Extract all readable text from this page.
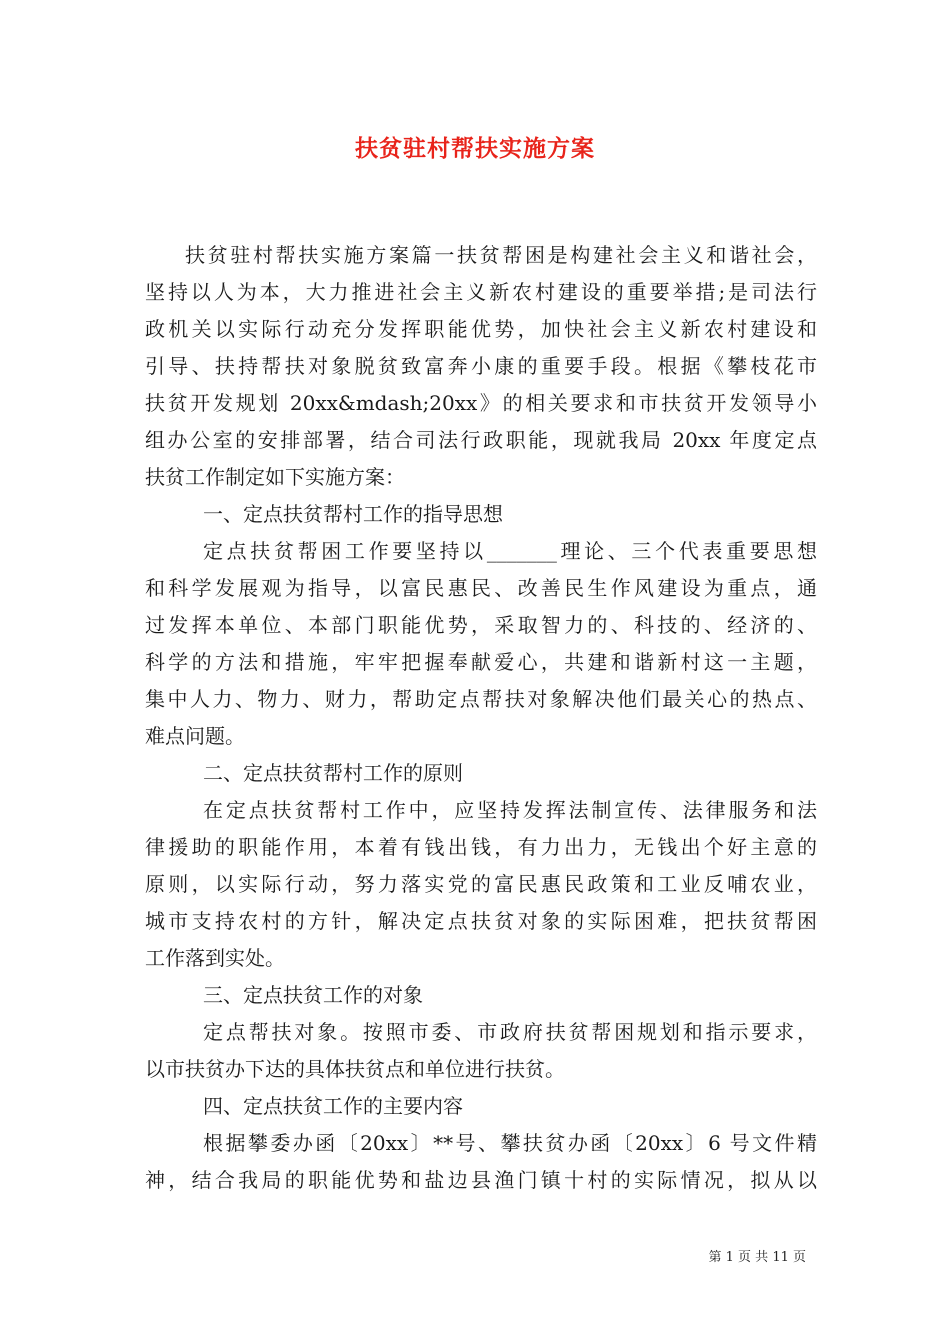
扶贫驻村帮扶实施方案
扶贫驻村帮扶实施方案篇一扶贫帮困是构建社会主义和谐社会，
坚持以人为本，大力推进社会主义新农村建设的重要举措;是司法行
政机关以实际行动充分发挥职能优势，加快社会主义新农村建设和
引导、扶持帮扶对象脱贫致富奔小康的重要手段。根据《攀枝花市
扶贫开发规划 20xx&mdash;20xx》的相关要求和市扶贫开发领导小
组办公室的安排部署，结合司法行政职能，现就我局 20xx 年度定点
扶贫工作制定如下实施方案：
一、定点扶贫帮村工作的指导思想
定点扶贫帮困工作要坚持以_______理论、三个代表重要思想
和科学发展观为指导，以富民惠民、改善民生作风建设为重点，通
过发挥本单位、本部门职能优势，采取智力的、科技的、经济的、
科学的方法和措施，牢牢把握奉献爱心，共建和谐新村这一主题，
集中人力、物力、财力，帮助定点帮扶对象解决他们最关心的热点、
难点问题。
二、定点扶贫帮村工作的原则
在定点扶贫帮村工作中，应坚持发挥法制宣传、法律服务和法
律援助的职能作用，本着有钱出钱，有力出力，无钱出个好主意的
原则，以实际行动，努力落实党的富民惠民政策和工业反哺农业，
城市支持农村的方针，解决定点扶贫对象的实际困难，把扶贫帮困
工作落到实处。
三、定点扶贫工作的对象
定点帮扶对象。按照市委、市政府扶贫帮困规划和指示要求，
以市扶贫办下达的具体扶贫点和单位进行扶贫。
四、定点扶贫工作的主要内容
根据攀委办函〔20xx〕**号、攀扶贫办函〔20xx〕6 号文件精
神，结合我局的职能优势和盐边县渔门镇十村的实际情况，拟从以
第 1 页 共 11 页
